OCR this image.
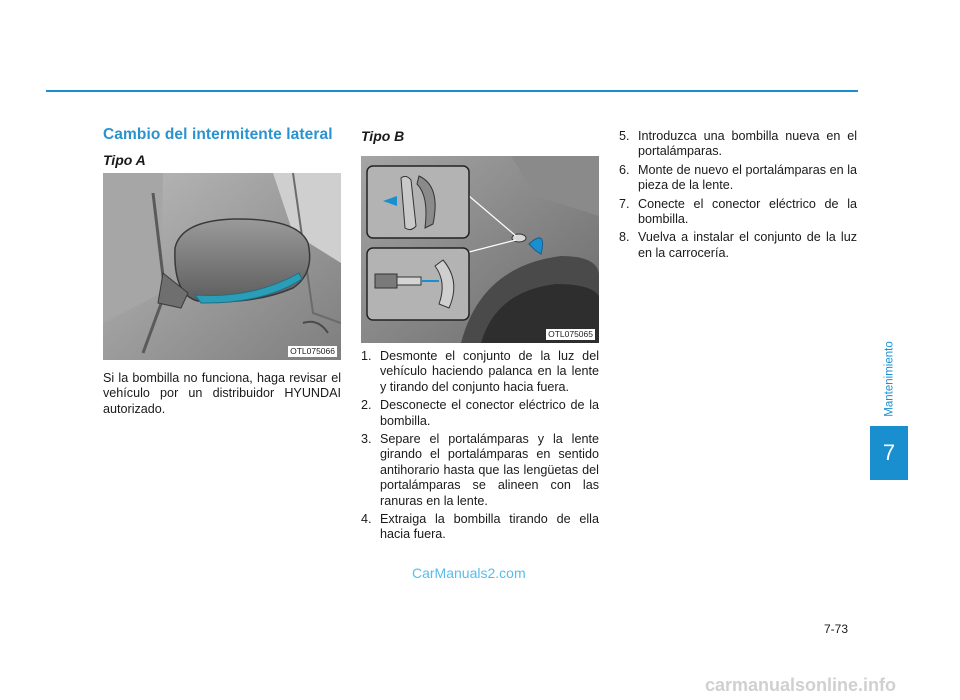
Cambio del intermitente lateral
Tipo A
OTL075066
Si la bombilla no funciona, haga revisar el vehículo por un distribuidor HYUNDAI autorizado.
Tipo B
OTL075065
1. Desmonte el conjunto de la luz del vehículo haciendo palanca en la lente y tirando del conjunto hacia fuera.
2. Desconecte el conector eléctrico de la bombilla.
3. Separe el portalámparas y la lente girando el portalámparas en sentido antihorario hasta que las lengüetas del portalámparas se alineen con las ranuras en la lente.
4. Extraiga la bombilla tirando de ella hacia fuera.
5. Introduzca una bombilla nueva en el portalámparas.
6. Monte de nuevo el portalámparas en la pieza de la lente.
7. Conecte el conector eléctrico de la bombilla.
8. Vuelva a instalar el conjunto de la luz en la carrocería.
CarManuals2.com
7-73
Mantenimiento
7
carmanualsonline.info
